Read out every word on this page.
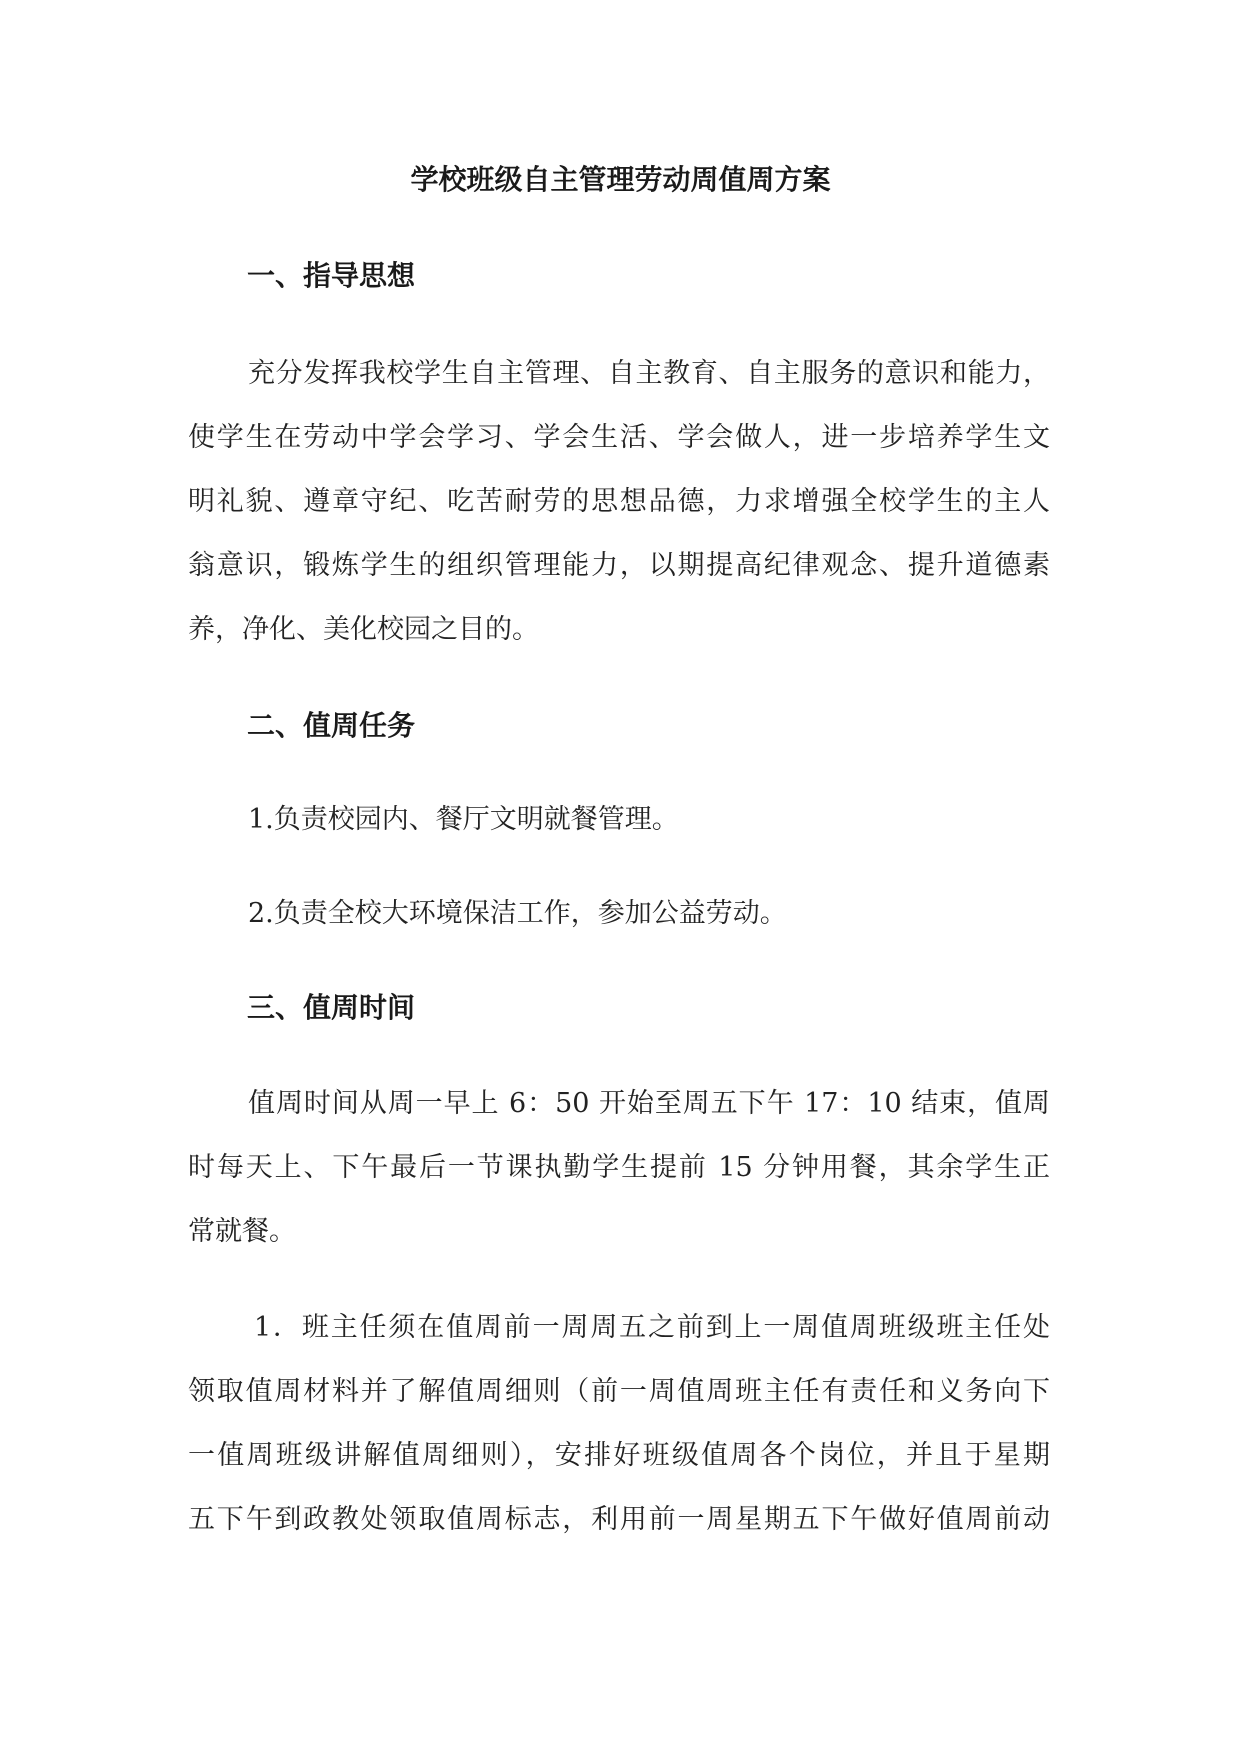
学校班级自主管理劳动周值周方案
一、指导思想
充分发挥我校学生自主管理、自主教育、自主服务的意识和能力，
使学生在劳动中学会学习、学会生活、学会做人，进一步培养学生文
明礼貌、遵章守纪、吃苦耐劳的思想品德，力求增强全校学生的主人
翁意识，锻炼学生的组织管理能力，以期提高纪律观念、提升道德素
养，净化、美化校园之目的。
二、值周任务
1.负责校园内、餐厅文明就餐管理。
2.负责全校大环境保洁工作，参加公益劳动。
三、值周时间
值周时间从周一早上 6：50 开始至周五下午 17：10 结束，值周
时每天上、下午最后一节课执勤学生提前 15 分钟用餐，其余学生正
常就餐。
1．班主任须在值周前一周周五之前到上一周值周班级班主任处
领取值周材料并了解值周细则（前一周值周班主任有责任和义务向下
一值周班级讲解值周细则），安排好班级值周各个岗位，并且于星期
五下午到政教处领取值周标志，利用前一周星期五下午做好值周前动
